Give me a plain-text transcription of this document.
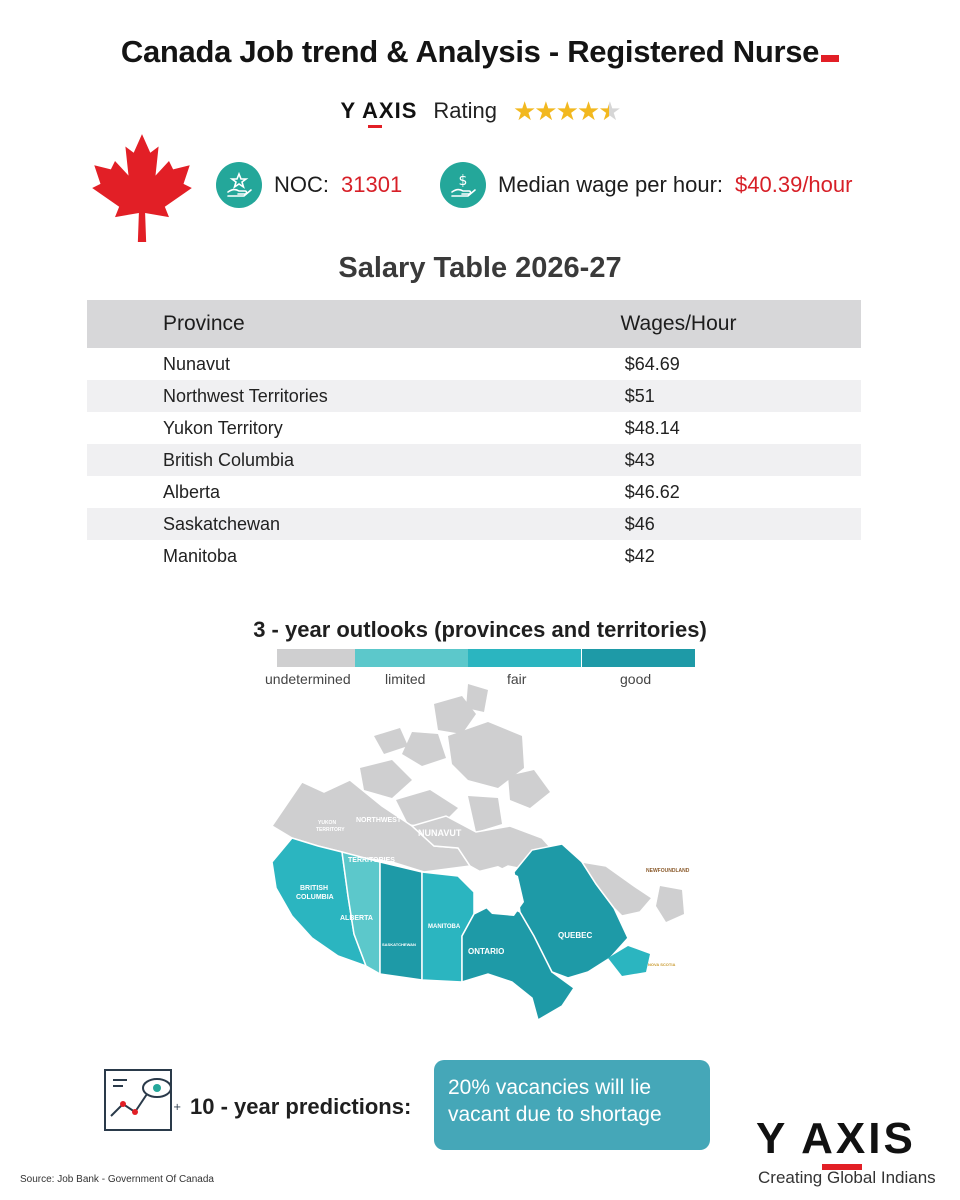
Canada Job trend & Analysis - Registered Nurse
Y AXIS Rating ★★★★★
NOC: 31301	$ Median wage per hour: $40.39/hour
Salary Table 2026-27
Province	Wages/Hour
Nunavut	$64.69
Northwest Territories	$51
Yukon Territory	$48.14
British Columbia	$43
Alberta	$46.62
Saskatchewan	$46
Manitoba	$42
3 - year outlooks (provinces and territories)
undetermined limited	fair	good
YUKON
TERRITORY
NORTHWEST
TERRITORIES
NUNAVUT
BRITISH
COLUMBIA
ALBERTA
SASKATCHEWAN
MANITOBA
ONTARIO
QUEBEC
NEWFOUNDLAND
NOVA SCOTIA
+ 10 - year predictions:
20% vacancies will lie
vacant due to shortage	Y AXIS
Creating Global Indians
Source: Job Bank - Government Of Canada
